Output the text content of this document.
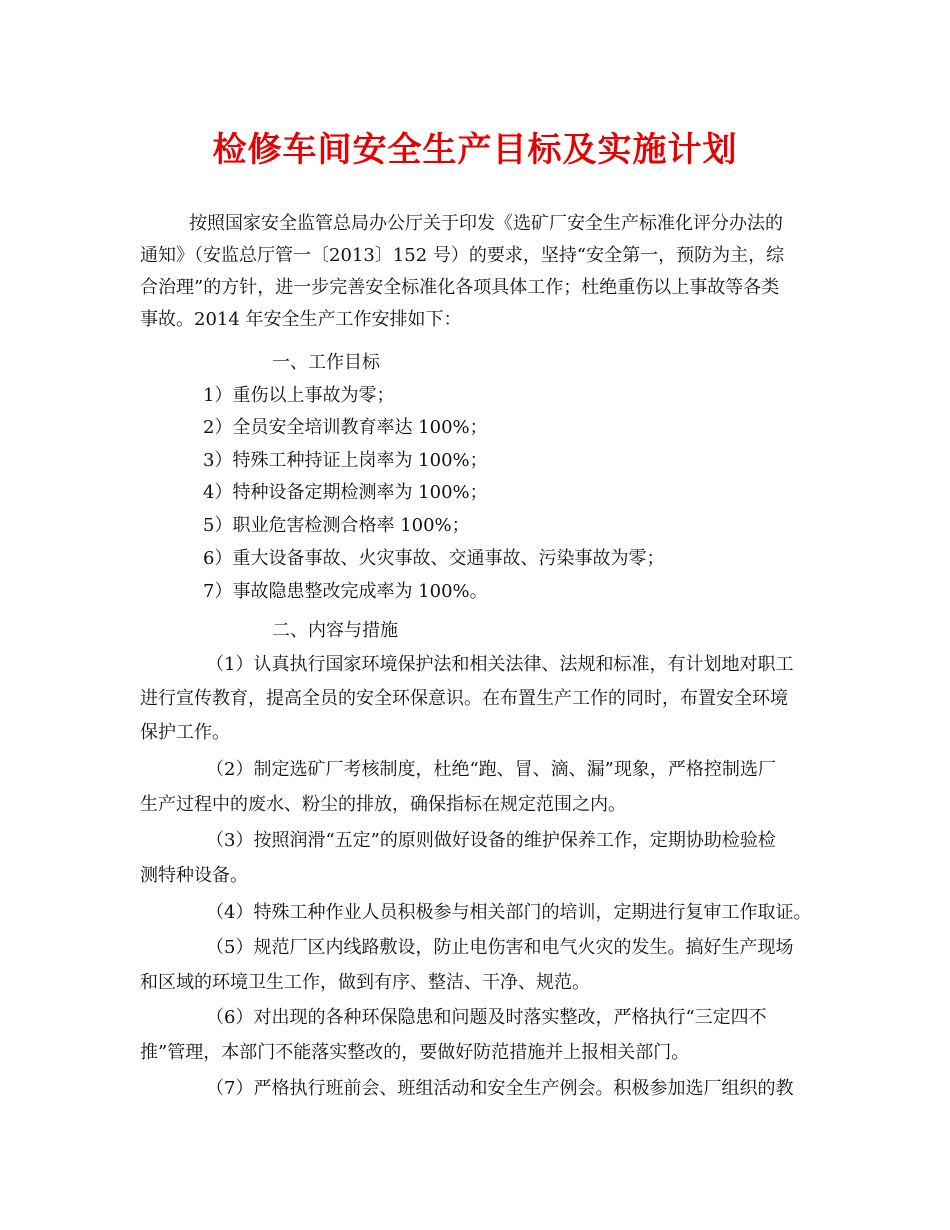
检修车间安全生产目标及实施计划
按照国家安全监管总局办公厅关于印发《选矿厂安全生产标准化评分办法的
通知》（安监总厅管一〔2013〕152 号）的要求，坚持“安全第一，预防为主，综
合治理”的方针，进一步完善安全标准化各项具体工作；杜绝重伤以上事故等各类
事故。2014 年安全生产工作安排如下：
一、工作目标
1）重伤以上事故为零；
2）全员安全培训教育率达 100%；
3）特殊工种持证上岗率为 100%；
4）特种设备定期检测率为 100%；
5）职业危害检测合格率 100%；
6）重大设备事故、火灾事故、交通事故、污染事故为零；
7）事故隐患整改完成率为 100%。
二、内容与措施
（1）认真执行国家环境保护法和相关法律、法规和标准，有计划地对职工
进行宣传教育，提高全员的安全环保意识。在布置生产工作的同时，布置安全环境
保护工作。
（2）制定选矿厂考核制度，杜绝“跑、冒、滴、漏”现象，严格控制选厂
生产过程中的废水、粉尘的排放，确保指标在规定范围之内。
（3）按照润滑“五定”的原则做好设备的维护保养工作，定期协助检验检
测特种设备。
（4）特殊工种作业人员积极参与相关部门的培训，定期进行复审工作取证。
（5）规范厂区内线路敷设，防止电伤害和电气火灾的发生。搞好生产现场
和区域的环境卫生工作，做到有序、整洁、干净、规范。
（6）对出现的各种环保隐患和问题及时落实整改，严格执行“三定四不
推”管理，本部门不能落实整改的，要做好防范措施并上报相关部门。
（7）严格执行班前会、班组活动和安全生产例会。积极参加选厂组织的教
